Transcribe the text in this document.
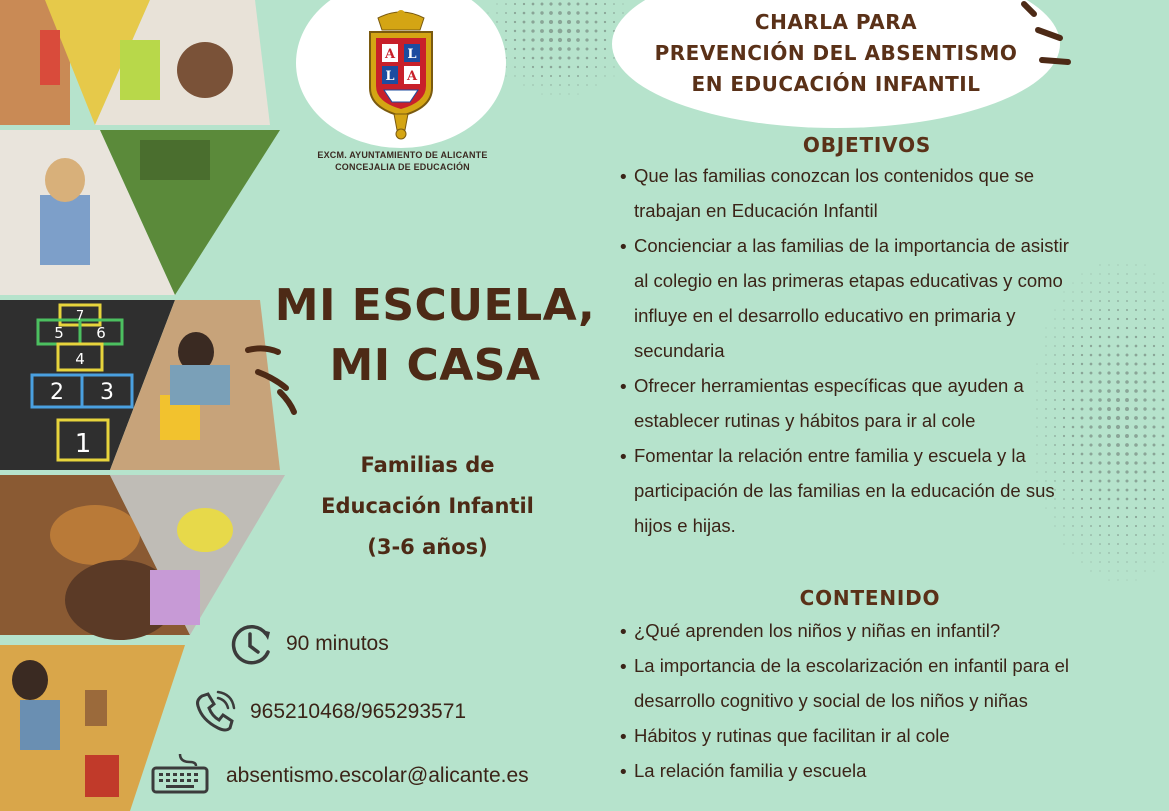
7
5 6
4
2 3
1
A L
L A
EXCM. AYUNTAMIENTO DE ALICANTE
CONCEJALIA DE EDUCACIÓN
CHARLA PARA
PREVENCIÓN DEL ABSENTISMO
EN EDUCACIÓN INFANTIL
MI ESCUELA,
MI CASA
Familias de
Educación Infantil
(3-6 años)
90 minutos
965210468/965293571
absentismo.escolar@alicante.es
OBJETIVOS
• Que las familias conozcan los contenidos que se
trabajan en Educación Infantil
• Concienciar a las familias de la importancia de asistir
al colegio en las primeras etapas educativas y como
influye en el desarrollo educativo en primaria y
secundaria
• Ofrecer herramientas específicas que ayuden a
establecer rutinas y hábitos para ir al cole
• Fomentar la relación entre familia y escuela y la
participación de las familias en la educación de sus
hijos e hijas.
CONTENIDO
• ¿Qué aprenden los niños y niñas en infantil?
• La importancia de la escolarización en infantil para el
desarrollo cognitivo y social de los niños y niñas
• Hábitos y rutinas que facilitan ir al cole
• La relación familia y escuela
